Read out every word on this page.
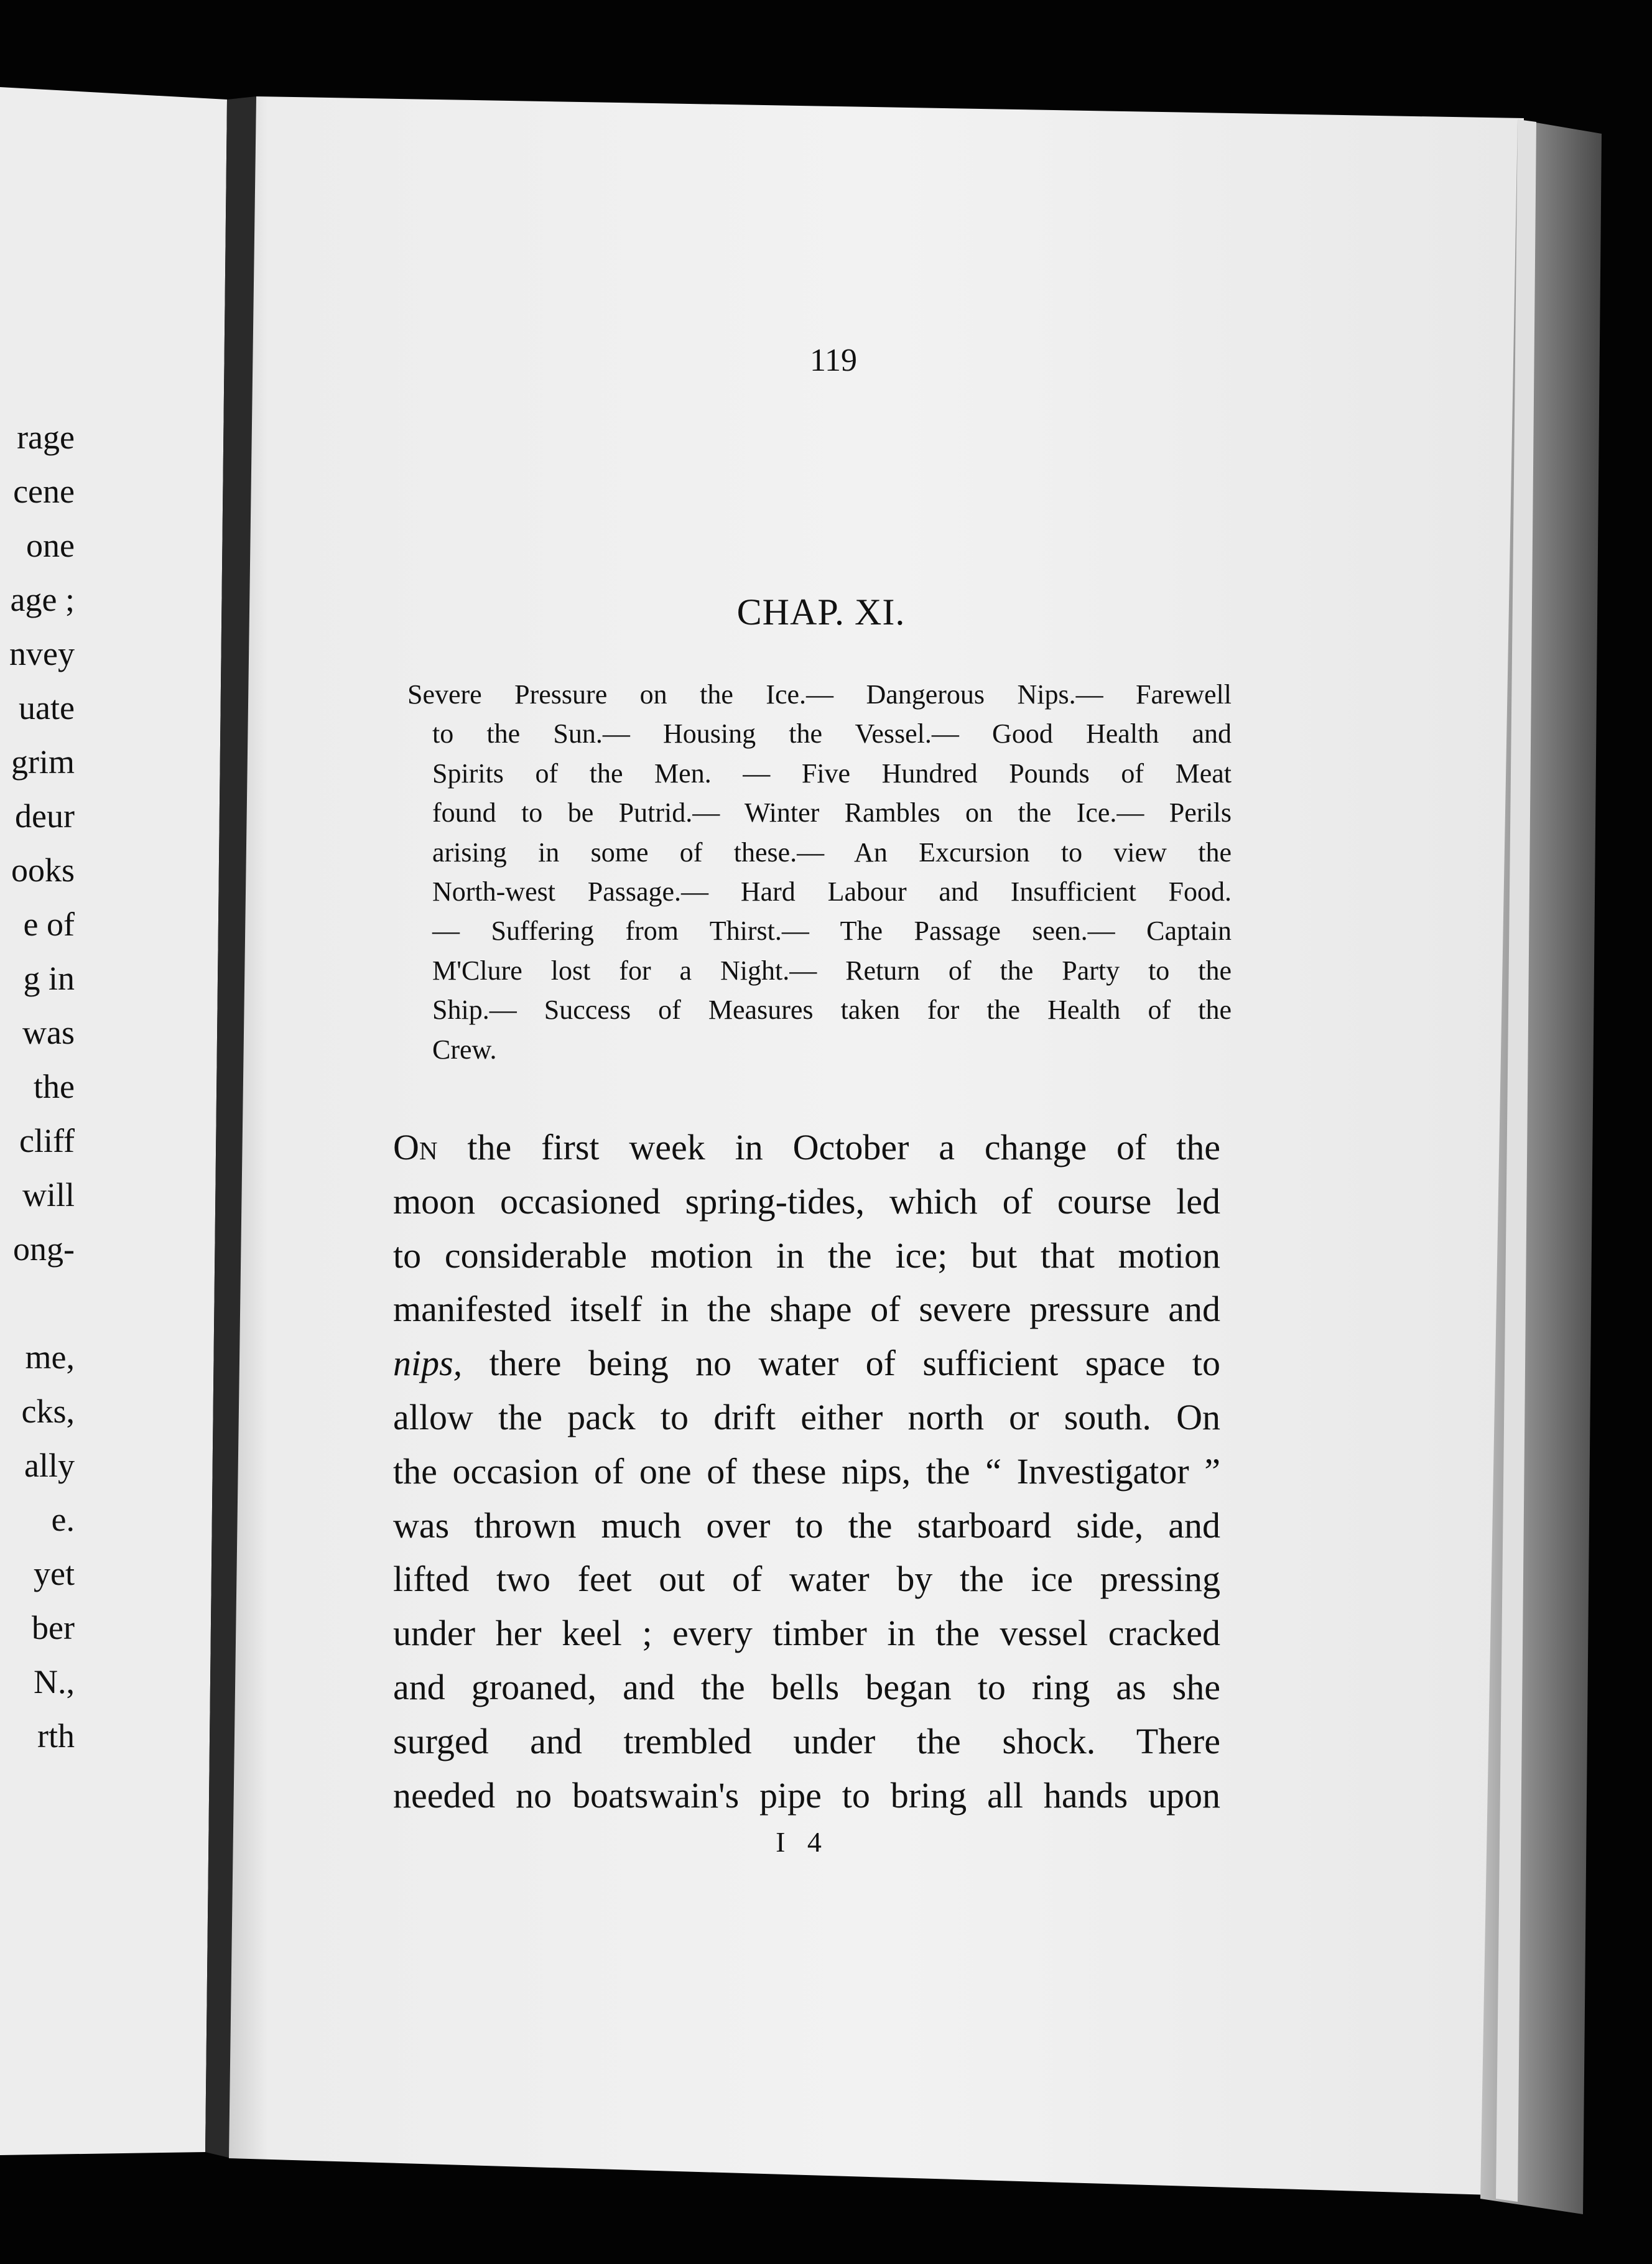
rage
cene
one
age ;
nvey
uate
grim
deur
ooks
e of
g in
was
the
cliff
will
ong-
me,
cks,
ally
e.
yet
ber
N.,
rth
119
CHAP. XI.
Severe Pressure on the Ice.— Dangerous Nips.— Farewell
to the Sun.— Housing the Vessel.— Good Health and
Spirits of the Men. — Five Hundred Pounds of Meat
found to be Putrid.— Winter Rambles on the Ice.— Perils
arising in some of these.— An Excursion to view the
North-west Passage.— Hard Labour and Insufficient Food.
— Suffering from Thirst.— The Passage seen.— Captain
M'Clure lost for a Night.— Return of the Party to the
Ship.— Success of Measures taken for the Health of the
Crew.
On the first week in October a change of the
moon occasioned spring-tides, which of course led
to considerable motion in the ice; but that motion
manifested itself in the shape of severe pressure and
nips, there being no water of sufficient space to
allow the pack to drift either north or south. On
the occasion of one of these nips, the “ Investigator ”
was thrown much over to the starboard side, and
lifted two feet out of water by the ice pressing
under her keel ; every timber in the vessel cracked
and groaned, and the bells began to ring as she
surged and trembled under the shock. There
needed no boatswain's pipe to bring all hands upon
I 4
